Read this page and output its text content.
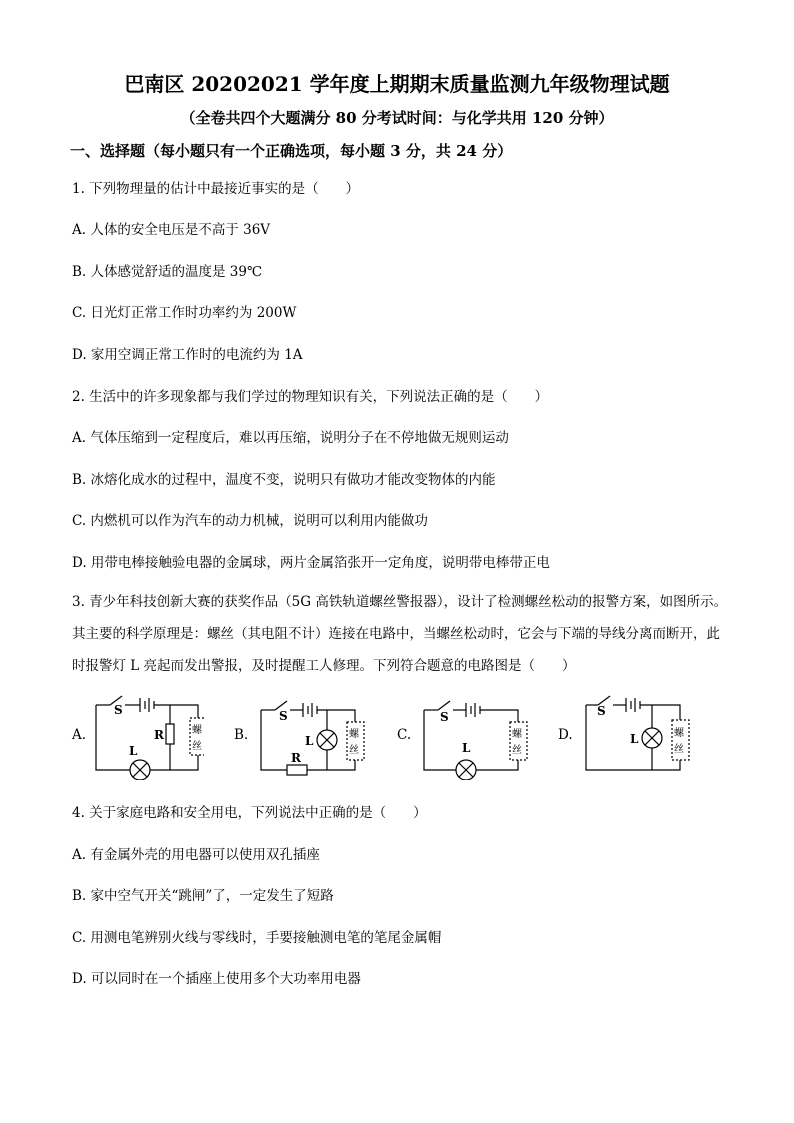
巴南区 20202021 学年度上期期末质量监测九年级物理试题
（全卷共四个大题满分 80 分考试时间：与化学共用 120 分钟）
一、选择题（每小题只有一个正确选项，每小题 3 分，共 24 分）
1. 下列物理量的估计中最接近事实的是（　　）
A. 人体的安全电压是不高于 36V
B. 人体感觉舒适的温度是 39℃
C. 日光灯正常工作时功率约为 200W
D. 家用空调正常工作时的电流约为 1A
2. 生活中的许多现象都与我们学过的物理知识有关，下列说法正确的是（　　）
A. 气体压缩到一定程度后，难以再压缩，说明分子在不停地做无规则运动
B. 冰熔化成水的过程中，温度不变，说明只有做功才能改变物体的内能
C. 内燃机可以作为汽车的动力机械，说明可以利用内能做功
D. 用带电棒接触验电器的金属球，两片金属箔张开一定角度，说明带电棒带正电
3. 青少年科技创新大赛的获奖作品（5G 高铁轨道螺丝警报器），设计了检测螺丝松动的报警方案，如图所示。其主要的科学原理是：螺丝（其电阻不计）连接在电路中，当螺丝松动时，它会与下端的导线分离而断开，此时报警灯 L 亮起而发出警报，及时提醒工人修理。下列符合题意的电路图是（　　）
A.	B.	C.	D.
S
L
R	螺
丝
S
L
R
螺
丝
S
L
螺
丝
S
L	螺
丝
4. 关于家庭电路和安全用电，下列说法中正确的是（　　）
A. 有金属外壳的用电器可以使用双孔插座
B. 家中空气开关“跳闸”了，一定发生了短路
C. 用测电笔辨别火线与零线时，手要接触测电笔的笔尾金属帽
D. 可以同时在一个插座上使用多个大功率用电器
